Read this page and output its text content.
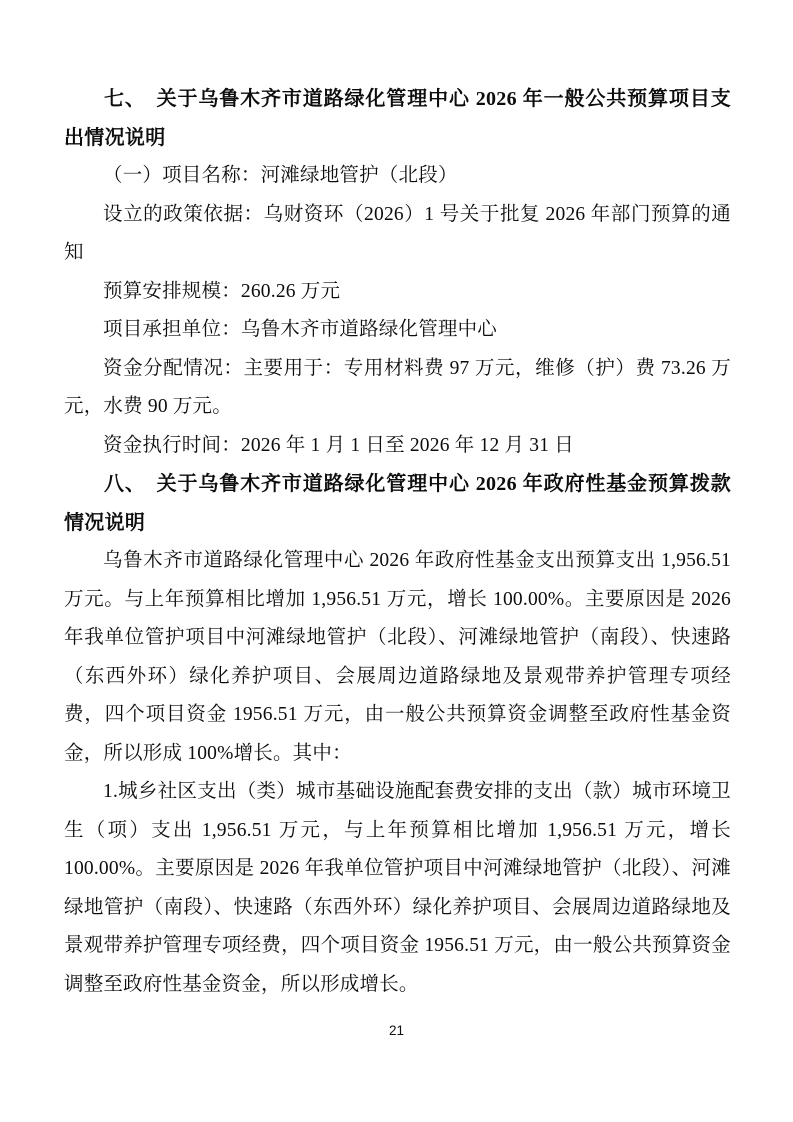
七、　关于乌鲁木齐市道路绿化管理中心 2026 年一般公共预算项目支出情况说明

（一）项目名称：河滩绿地管护（北段）

设立的政策依据：乌财资环（2026）1 号关于批复 2026 年部门预算的通知

预算安排规模：260.26 万元

项目承担单位：乌鲁木齐市道路绿化管理中心

资金分配情况：主要用于：专用材料费 97 万元，维修（护）费 73.26 万元，水费 90 万元。

资金执行时间：2026 年 1 月 1 日至 2026 年 12 月 31 日

八、　关于乌鲁木齐市道路绿化管理中心 2026 年政府性基金预算拨款情况说明

乌鲁木齐市道路绿化管理中心 2026 年政府性基金支出预算支出 1,956.51 万元。与上年预算相比增加 1,956.51 万元，增长 100.00%。主要原因是 2026 年我单位管护项目中河滩绿地管护（北段）、河滩绿地管护（南段）、快速路（东西外环）绿化养护项目、会展周边道路绿地及景观带养护管理专项经费，四个项目资金 1956.51 万元，由一般公共预算资金调整至政府性基金资金，所以形成 100%增长。其中：

1.城乡社区支出（类）城市基础设施配套费安排的支出（款）城市环境卫生（项）支出 1,956.51 万元，与上年预算相比增加 1,956.51 万元，增长 100.00%。主要原因是 2026 年我单位管护项目中河滩绿地管护（北段）、河滩绿地管护（南段）、快速路（东西外环）绿化养护项目、会展周边道路绿地及景观带养护管理专项经费，四个项目资金 1956.51 万元，由一般公共预算资金调整至政府性基金资金，所以形成增长。

21
